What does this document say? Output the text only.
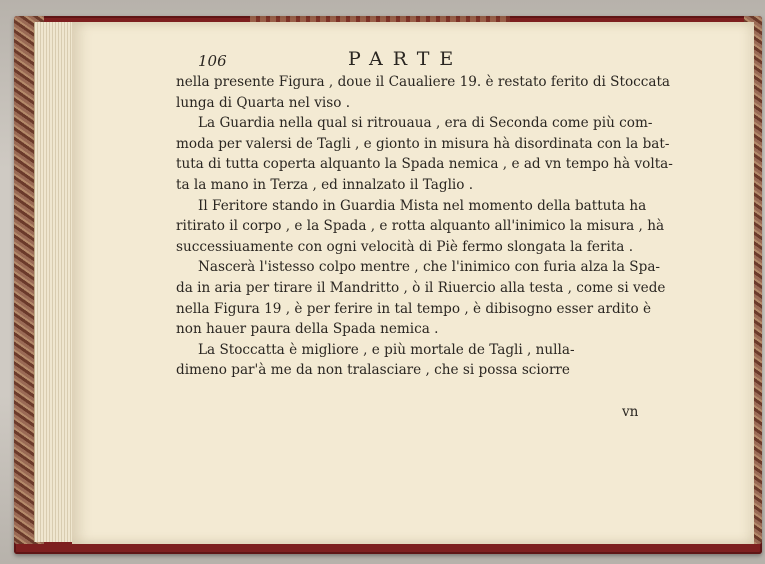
106	PARTE
nella presente Figura , doue il Caualiere 19. è restato ferito di Stoccata
lunga di Quarta nel viso .
La Guardia nella qual si ritrouaua , era di Seconda come più com-
moda per valersi de Tagli , e gionto in misura hà disordinata con la bat-
tuta di tutta coperta alquanto la Spada nemica , e ad vn tempo hà volta-
ta la mano in Terza , ed innalzato il Taglio .
Il Feritore stando in Guardia Mista nel momento della battuta ha
ritirato il corpo , e la Spada , e rotta alquanto all'inimico la misura , hà
successiuamente con ogni velocità di Piè fermo slongata la ferita .
Nascerà l'istesso colpo mentre , che l'inimico con furia alza la Spa-
da in aria per tirare il Mandritto , ò il Riuercio alla testa , come si vede
nella Figura 19 , è per ferire in tal tempo , è dibisogno esser ardito è
non hauer paura della Spada nemica .
La Stoccatta è migliore , e più mortale de Tagli , nulla-
dimeno par'à me da non tralasciare , che si possa sciorre
vn
